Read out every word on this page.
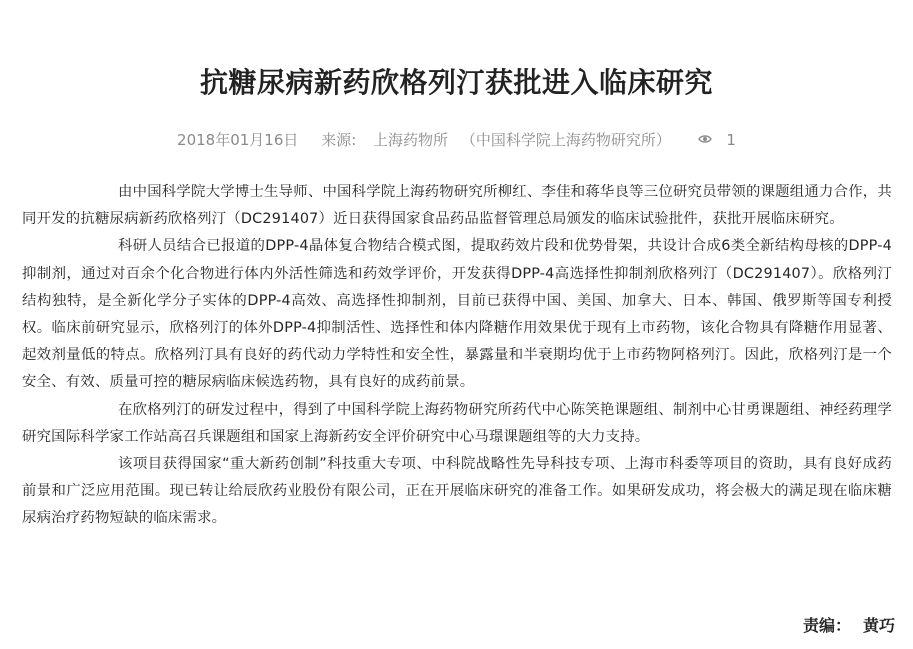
抗糖尿病新药欣格列汀获批进入临床研究
2018年01月16日 来源: 上海药物所 （中国科学院上海药物研究所）	1

由中国科学院大学博士生导师、中国科学院上海药物研究所柳红、李佳和蒋华良等三位研究员带领的课题组通力合作，共同开发的抗糖尿病新药欣格列汀（DC291407）近日获得国家食品药品监督管理总局颁发的临床试验批件，获批开展临床研究。

科研人员结合已报道的DPP-4晶体复合物结合模式图，提取药效片段和优势骨架，共设计合成6类全新结构母核的DPP-4抑制剂，通过对百余个化合物进行体内外活性筛选和药效学评价，开发获得DPP-4高选择性抑制剂欣格列汀（DC291407）。欣格列汀结构独特，是全新化学分子实体的DPP-4高效、高选择性抑制剂，目前已获得中国、美国、加拿大、日本、韩国、俄罗斯等国专利授权。临床前研究显示，欣格列汀的体外DPP-4抑制活性、选择性和体内降糖作用效果优于现有上市药物，该化合物具有降糖作用显著、起效剂量低的特点。欣格列汀具有良好的药代动力学特性和安全性，暴露量和半衰期均优于上市药物阿格列汀。因此，欣格列汀是一个安全、有效、质量可控的糖尿病临床候选药物，具有良好的成药前景。

在欣格列汀的研发过程中，得到了中国科学院上海药物研究所药代中心陈笑艳课题组、制剂中心甘勇课题组、神经药理学研究国际科学家工作站高召兵课题组和国家上海新药安全评价研究中心马璟课题组等的大力支持。

该项目获得国家“重大新药创制”科技重大专项、中科院战略性先导科技专项、上海市科委等项目的资助，具有良好成药前景和广泛应用范围。现已转让给辰欣药业股份有限公司，正在开展临床研究的准备工作。如果研发成功，将会极大的满足现在临床糖尿病治疗药物短缺的临床需求。

责编： 黄巧
